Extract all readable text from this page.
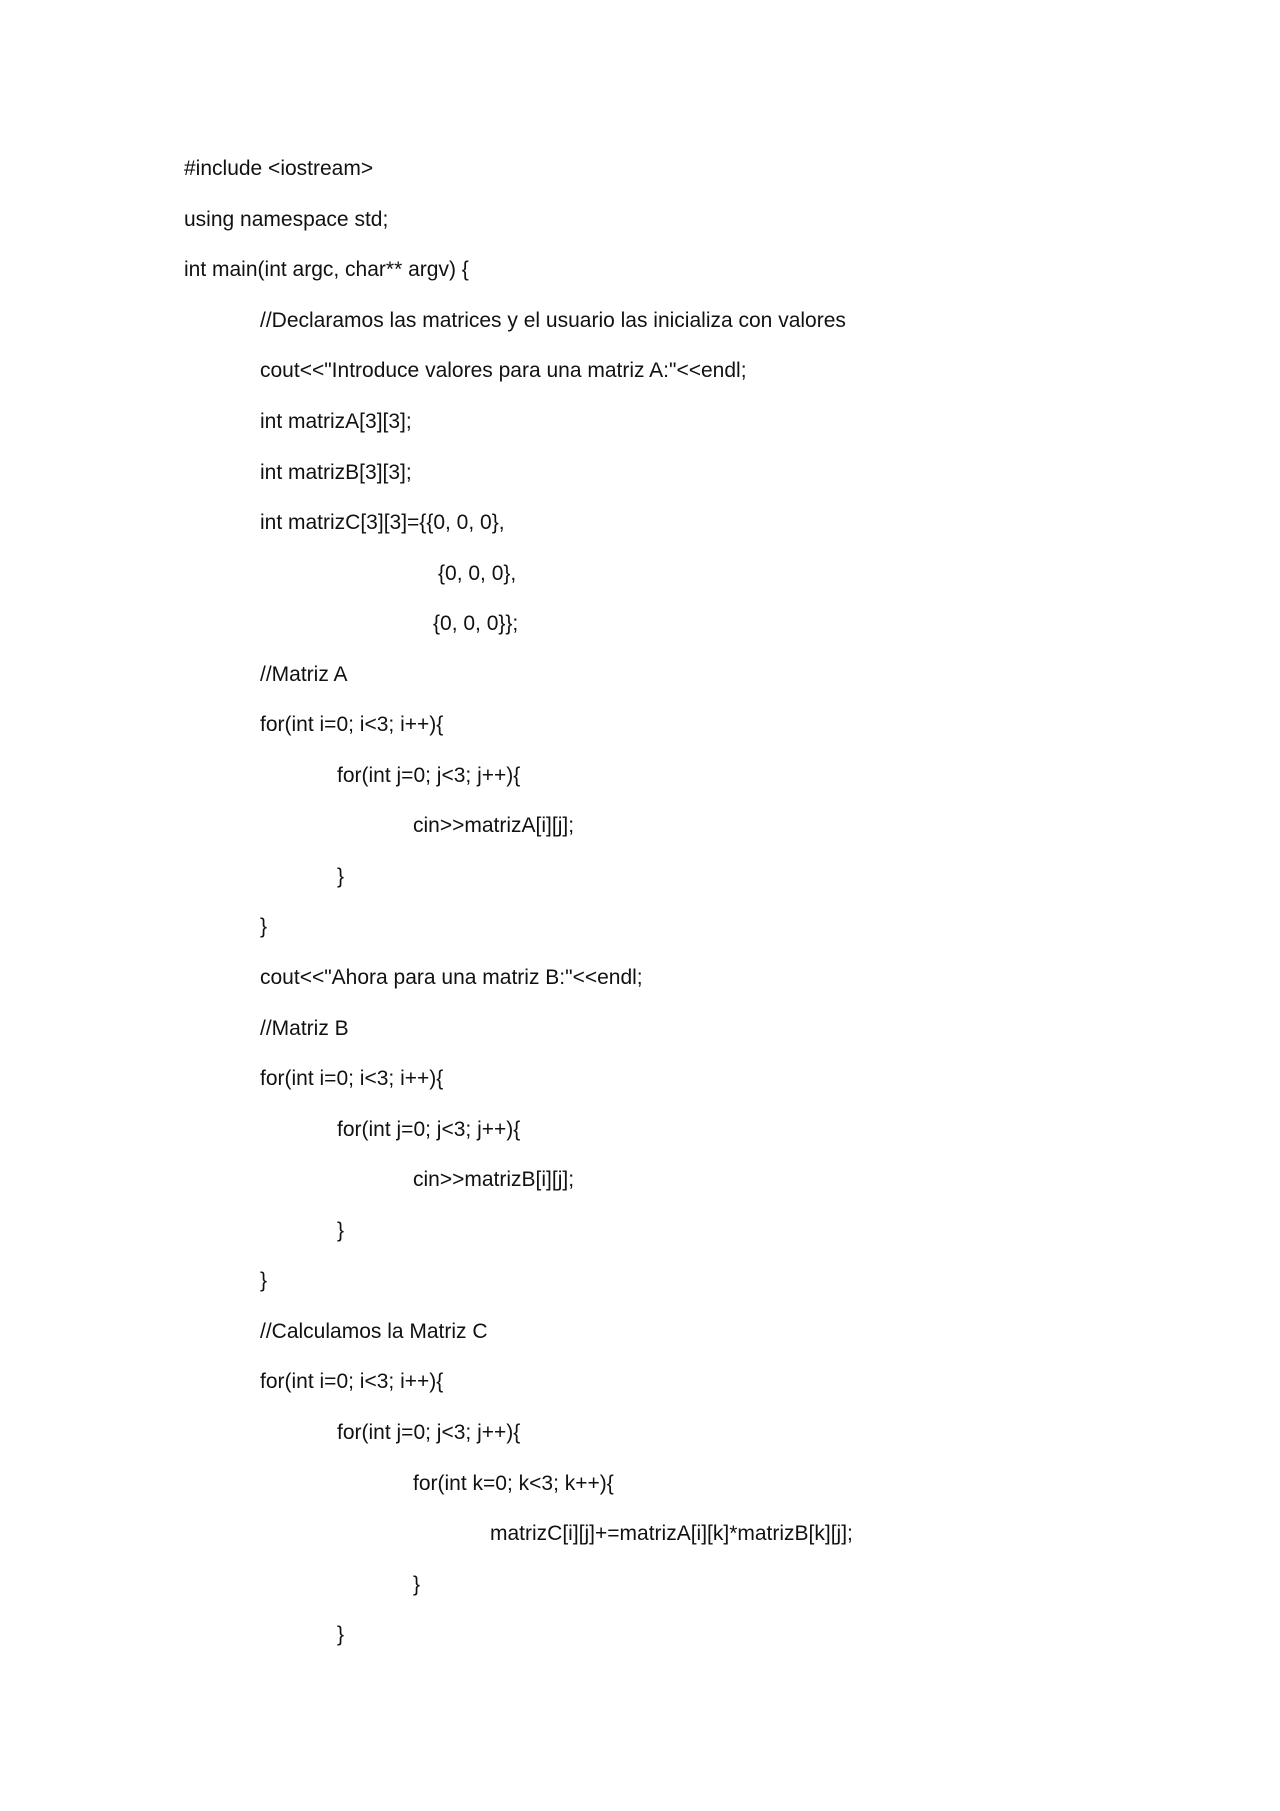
#include <iostream>
using namespace std;
int main(int argc, char** argv) {
//Declaramos las matrices y el usuario las inicializa con valores
cout<<"Introduce valores para una matriz A:"<<endl;
int matrizA[3][3];
int matrizB[3][3];
int matrizC[3][3]={{0, 0, 0},
{0, 0, 0},
{0, 0, 0}};
//Matriz A
for(int i=0; i<3; i++){
for(int j=0; j<3; j++){
cin>>matrizA[i][j];
}
}
cout<<"Ahora para una matriz B:"<<endl;
//Matriz B
for(int i=0; i<3; i++){
for(int j=0; j<3; j++){
cin>>matrizB[i][j];
}
}
//Calculamos la Matriz C
for(int i=0; i<3; i++){
for(int j=0; j<3; j++){
for(int k=0; k<3; k++){
matrizC[i][j]+=matrizA[i][k]*matrizB[k][j];
}
}
